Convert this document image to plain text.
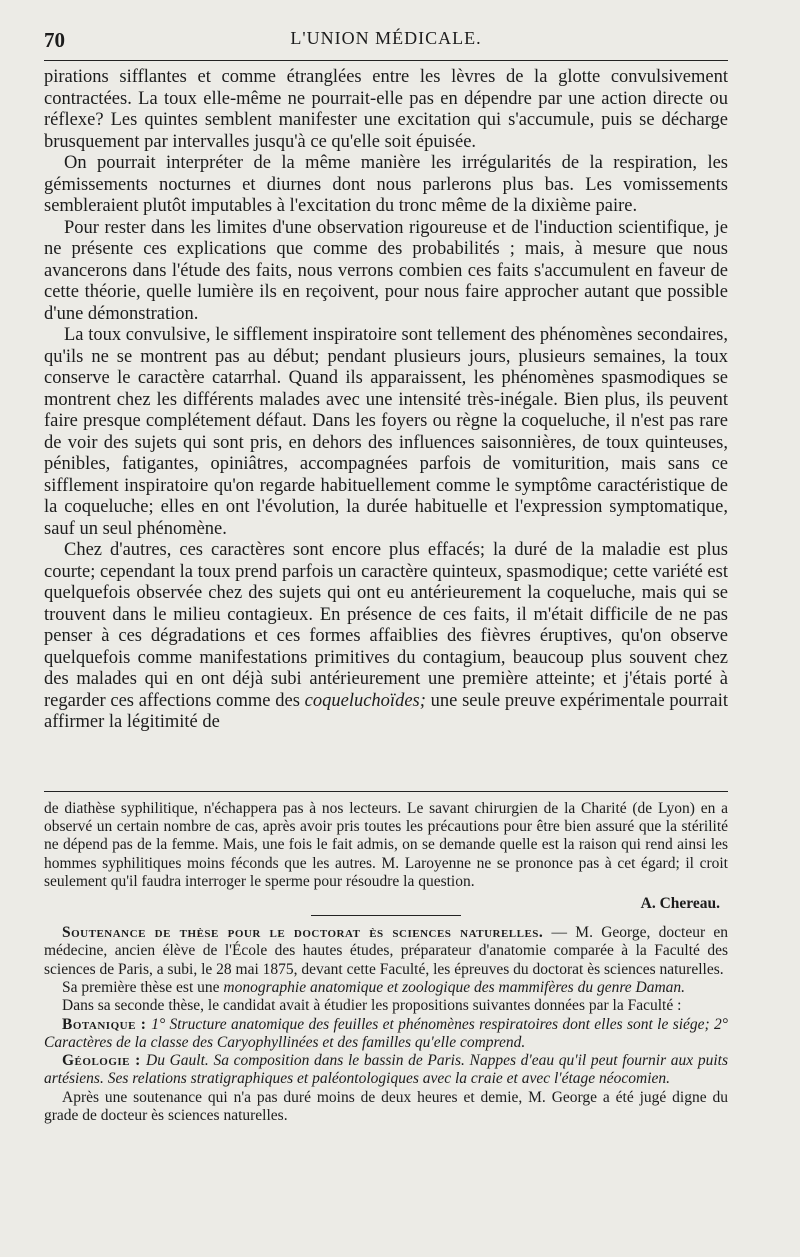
70	L'UNION MÉDICALE.

pirations sifflantes et comme étranglées entre les lèvres de la glotte convulsivement contractées. La toux elle-même ne pourrait-elle pas en dépendre par une action directe ou réflexe? Les quintes semblent manifester une excitation qui s'accumule, puis se décharge brusquement par intervalles jusqu'à ce qu'elle soit épuisée.

On pourrait interpréter de la même manière les irrégularités de la respiration, les gémissements nocturnes et diurnes dont nous parlerons plus bas. Les vomissements sembleraient plutôt imputables à l'excitation du tronc même de la dixième paire.

Pour rester dans les limites d'une observation rigoureuse et de l'induction scientifique, je ne présente ces explications que comme des probabilités ; mais, à mesure que nous avancerons dans l'étude des faits, nous verrons combien ces faits s'accumulent en faveur de cette théorie, quelle lumière ils en reçoivent, pour nous faire approcher autant que possible d'une démonstration.

La toux convulsive, le sifflement inspiratoire sont tellement des phénomènes secondaires, qu'ils ne se montrent pas au début; pendant plusieurs jours, plusieurs semaines, la toux conserve le caractère catarrhal. Quand ils apparaissent, les phénomènes spasmodiques se montrent chez les différents malades avec une intensité très-inégale. Bien plus, ils peuvent faire presque complétement défaut. Dans les foyers ou règne la coqueluche, il n'est pas rare de voir des sujets qui sont pris, en dehors des influences saisonnières, de toux quinteuses, pénibles, fatigantes, opiniâtres, accompagnées parfois de vomiturition, mais sans ce sifflement inspiratoire qu'on regarde habituellement comme le symptôme caractéristique de la coqueluche; elles en ont l'évolution, la durée habituelle et l'expression symptomatique, sauf un seul phénomène.

Chez d'autres, ces caractères sont encore plus effacés; la duré de la maladie est plus courte; cependant la toux prend parfois un caractère quinteux, spasmodique; cette variété est quelquefois observée chez des sujets qui ont eu antérieurement la coqueluche, mais qui se trouvent dans le milieu contagieux. En présence de ces faits, il m'était difficile de ne pas penser à ces dégradations et ces formes affaiblies des fièvres éruptives, qu'on observe quelquefois comme manifestations primitives du contagium, beaucoup plus souvent chez des malades qui en ont déjà subi antérieurement une première atteinte; et j'étais porté à regarder ces affections comme des coqueluchoïdes; une seule preuve expérimentale pourrait affirmer la légitimité de

de diathèse syphilitique, n'échappera pas à nos lecteurs. Le savant chirurgien de la Charité (de Lyon) en a observé un certain nombre de cas, après avoir pris toutes les précautions pour être bien assuré que la stérilité ne dépend pas de la femme. Mais, une fois le fait admis, on se demande quelle est la raison qui rend ainsi les hommes syphilitiques moins féconds que les autres. M. Laroyenne ne se prononce pas à cet égard; il croit seulement qu'il faudra interroger le sperme pour résoudre la question.

A. Chereau.

Soutenance de thèse pour le doctorat ès sciences naturelles. — M. George, docteur en médecine, ancien élève de l'École des hautes études, préparateur d'anatomie comparée à la Faculté des sciences de Paris, a subi, le 28 mai 1875, devant cette Faculté, les épreuves du doctorat ès sciences naturelles.

Sa première thèse est une monographie anatomique et zoologique des mammifères du genre Daman.

Dans sa seconde thèse, le candidat avait à étudier les propositions suivantes données par la Faculté :

Botanique : 1° Structure anatomique des feuilles et phénomènes respiratoires dont elles sont le siége; 2° Caractères de la classe des Caryophyllinées et des familles qu'elle comprend.

Géologie : Du Gault. Sa composition dans le bassin de Paris. Nappes d'eau qu'il peut fournir aux puits artésiens. Ses relations stratigraphiques et paléontologiques avec la craie et avec l'étage néocomien.

Après une soutenance qui n'a pas duré moins de deux heures et demie, M. George a été jugé digne du grade de docteur ès sciences naturelles.
